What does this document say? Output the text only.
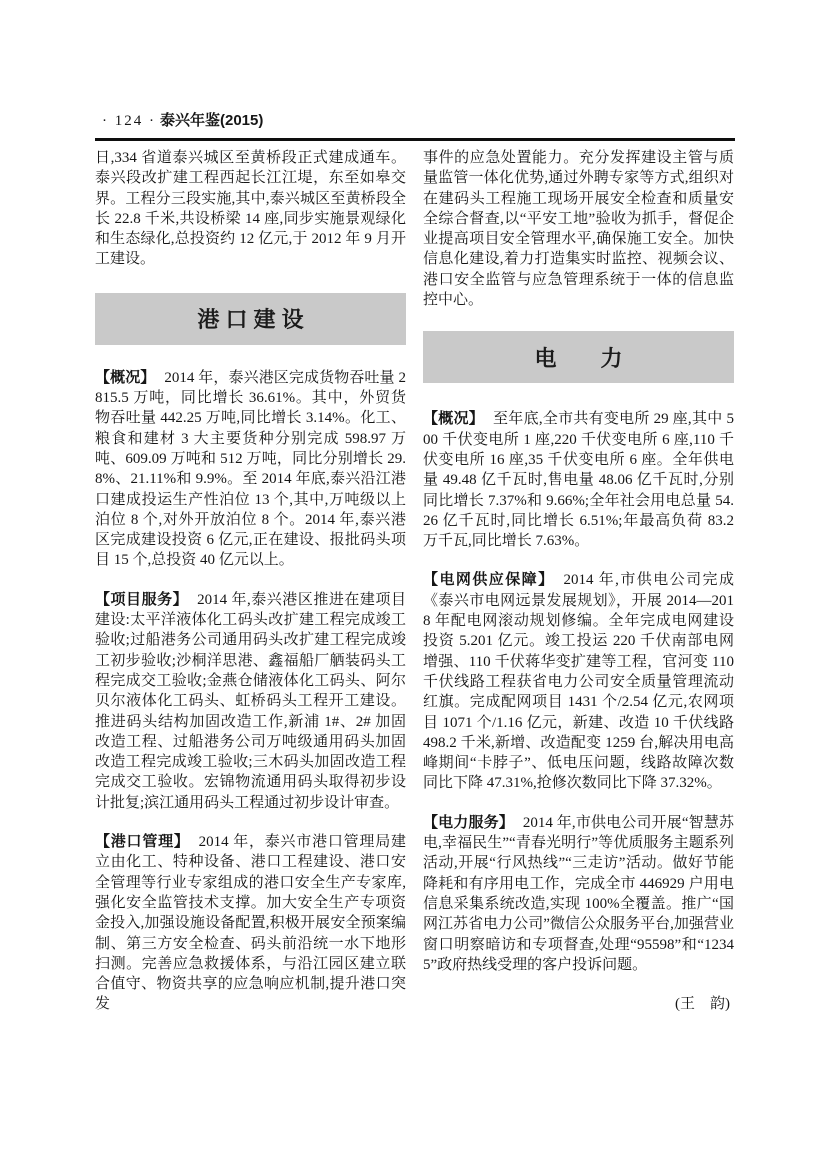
· 124 · 泰兴年鉴(2015)

日,334 省道泰兴城区至黄桥段正式建成通车。泰兴段改扩建工程西起长江江堤，东至如皋交界。工程分三段实施,其中,泰兴城区至黄桥段全长 22.8 千米,共设桥梁 14 座,同步实施景观绿化和生态绿化,总投资约 12 亿元,于 2012 年 9 月开工建设。

港 口 建 设

【概况】 2014 年，泰兴港区完成货物吞吐量 2815.5 万吨，同比增长 36.61%。其中，外贸货物吞吐量 442.25 万吨,同比增长 3.14%。化工、粮食和建材 3 大主要货种分别完成 598.97 万吨、609.09 万吨和 512 万吨，同比分别增长 29.8%、21.11%和 9.9%。至 2014 年底,泰兴沿江港口建成投运生产性泊位 13 个,其中,万吨级以上泊位 8 个,对外开放泊位 8 个。2014 年,泰兴港区完成建设投资 6 亿元,正在建设、报批码头项目 15 个,总投资 40 亿元以上。

【项目服务】 2014 年,泰兴港区推进在建项目建设:太平洋液体化工码头改扩建工程完成竣工验收;过船港务公司通用码头改扩建工程完成竣工初步验收;沙桐洋思港、鑫福船厂舾装码头工程完成交工验收;金燕仓储液体化工码头、阿尔贝尔液体化工码头、虹桥码头工程开工建设。推进码头结构加固改造工作,新浦 1#、2# 加固改造工程、过船港务公司万吨级通用码头加固改造工程完成竣工验收;三木码头加固改造工程完成交工验收。宏锦物流通用码头取得初步设计批复;滨江通用码头工程通过初步设计审查。

【港口管理】 2014 年，泰兴市港口管理局建立由化工、特种设备、港口工程建设、港口安全管理等行业专家组成的港口安全生产专家库,强化安全监管技术支撑。加大安全生产专项资金投入,加强设施设备配置,积极开展安全预案编制、第三方安全检查、码头前沿统一水下地形扫测。完善应急救援体系，与沿江园区建立联合值守、物资共享的应急响应机制,提升港口突发

事件的应急处置能力。充分发挥建设主管与质量监管一体化优势,通过外聘专家等方式,组织对在建码头工程施工现场开展安全检查和质量安全综合督查,以“平安工地”验收为抓手，督促企业提高项目安全管理水平,确保施工安全。加快信息化建设,着力打造集实时监控、视频会议、港口安全监管与应急管理系统于一体的信息监控中心。

电　　力

【概况】 至年底,全市共有变电所 29 座,其中 500 千伏变电所 1 座,220 千伏变电所 6 座,110 千伏变电所 16 座,35 千伏变电所 6 座。全年供电量 49.48 亿千瓦时,售电量 48.06 亿千瓦时,分别同比增长 7.37%和 9.66%;全年社会用电总量 54.26 亿千瓦时,同比增长 6.51%;年最高负荷 83.2 万千瓦,同比增长 7.63%。

【电网供应保障】 2014 年,市供电公司完成《泰兴市电网远景发展规划》，开展 2014—2018 年配电网滚动规划修编。全年完成电网建设投资 5.201 亿元。竣工投运 220 千伏南部电网增强、110 千伏蒋华变扩建等工程，官河变 110 千伏线路工程获省电力公司安全质量管理流动红旗。完成配网项目 1431 个/2.54 亿元,农网项目 1071 个/1.16 亿元，新建、改造 10 千伏线路 498.2 千米,新增、改造配变 1259 台,解决用电高峰期间“卡脖子”、低电压问题，线路故障次数同比下降 47.31%,抢修次数同比下降 37.32%。

【电力服务】 2014 年,市供电公司开展“智慧苏电,幸福民生”“青春光明行”等优质服务主题系列活动,开展“行风热线”“三走访”活动。做好节能降耗和有序用电工作，完成全市 446929 户用电信息采集系统改造,实现 100%全覆盖。推广“国网江苏省电力公司”微信公众服务平台,加强营业窗口明察暗访和专项督查,处理“95598”和“12345”政府热线受理的客户投诉问题。

(王　韵)
